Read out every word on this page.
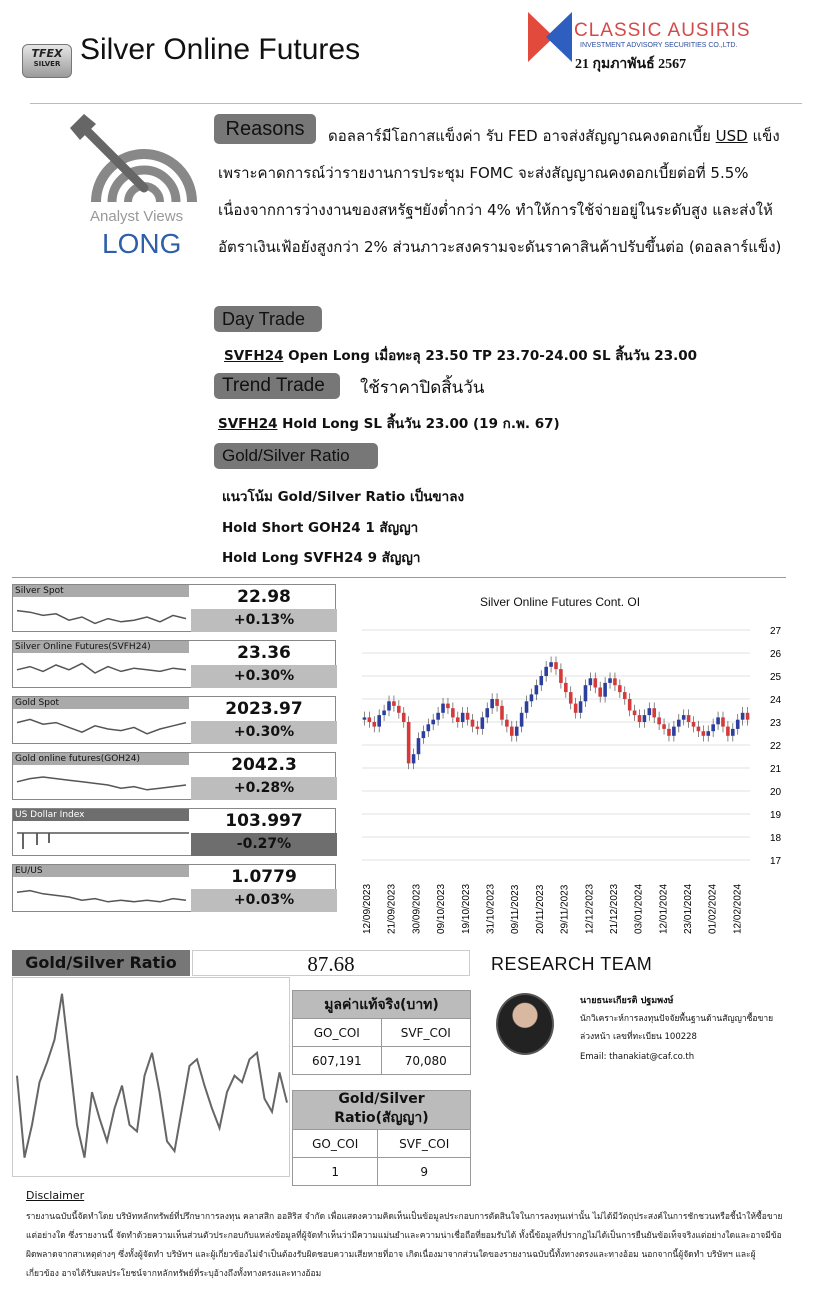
TFEX
SILVER Silver Online Futures
CLASSIC AUSIRIS
INVESTMENT ADVISORY SECURITIES CO.,LTD.
21 กุมภาพันธ์ 2567
Analyst Views
LONG
Reasons	ดอลลาร์มีโอกาสแข็งค่า รับ FED อาจส่งสัญญาณคงดอกเบี้ย USD แข็ง เพราะคาดการณ์ว่ารายงานการประชุม FOMC จะส่งสัญญาณคงดอกเบี้ยต่อที่ 5.5% เนื่องจากการว่างงานของสหรัฐฯยังต่ำกว่า 4% ทำให้การใช้จ่ายอยู่ในระดับสูง และส่งให้อัตราเงินเฟ้อยังสูงกว่า 2% ส่วนภาวะสงครามจะดันราคาสินค้าปรับขึ้นต่อ (ดอลลาร์แข็ง)
Day Trade
SVFH24 Open Long เมื่อทะลุ 23.50 TP 23.70-24.00 SL สิ้นวัน 23.00
Trend Trade	ใช้ราคาปิดสิ้นวัน
SVFH24 Hold Long SL สิ้นวัน 23.00 (19 ก.พ. 67)
Gold/Silver Ratio
แนวโน้ม Gold/Silver Ratio เป็นขาลง
Hold Short GOH24 1 สัญญา
Hold Long SVFH24 9 สัญญา
Silver Spot	22.98
+0.13%
Silver Online Futures(SVFH24)	23.36
+0.30%
Gold Spot	2023.97
+0.30%
Gold online futures(GOH24)	2042.3
+0.28%
US Dollar Index	103.997
-0.27%
EU/US	1.0779
+0.03%
Silver Online Futures Cont. OI
27
26
25
24
23
22
21
20
19
18
17
12/09/2023 21/09/2023 30/09/2023 09/10/2023 19/10/2023 31/10/2023 09/11/2023 20/11/2023 29/11/2023 12/12/2023 21/12/2023 03/01/2024 12/01/2024 23/01/2024 01/02/2024 12/02/2024
Gold/Silver Ratio	87.68
มูลค่าแท้จริง(บาท)	
GO_COI	SVF_COI
607,191	70,080
Gold/Silver Ratio(สัญญา)	
GO_COI	SVF_COI
1	9
RESEARCH TEAM
นายธนะเกียรติ ปฐมพงษ์
นักวิเคราะห์การลงทุนปัจจัยพื้นฐานด้านสัญญาซื้อขายล่วงหน้า เลขที่ทะเบียน 100228
Email: thanakiat@caf.co.th
Disclaimer
รายงานฉบับนี้จัดทำโดย บริษัทหลักทรัพย์ที่ปรึกษาการลงทุน คลาสสิก ออสิริส จำกัด เพื่อแสดงความคิดเห็นเป็นข้อมูลประกอบการตัดสินใจในการลงทุนเท่านั้น ไม่ได้มีวัตถุประสงค์ในการชักชวนหรือชี้นำให้ซื้อขายแต่อย่างใด ซึ่งรายงานนี้ จัดทำด้วยความเห็นส่วนตัวประกอบกับแหล่งข้อมูลที่ผู้จัดทำเห็นว่ามีความแม่นยำและความน่าเชื่อถือที่ยอมรับได้ ทั้งนี้ข้อมูลที่ปรากฏไม่ได้เป็นการยืนยันข้อเท็จจริงแต่อย่างใดและอาจมีข้อผิดพลาดจากสาเหตุต่างๆ ซึ่งทั้งผู้จัดทำ บริษัทฯ และผู้เกี่ยวข้องไม่จำเป็นต้องรับผิดชอบความเสียหายที่อาจ เกิดเนื่องมาจากส่วนใดของรายงานฉบับนี้ทั้งทางตรงและทางอ้อม นอกจากนี้ผู้จัดทำ บริษัทฯ และผู้เกี่ยวข้อง อาจได้รับผลประโยชน์จากหลักทรัพย์ที่ระบุอ้างถึงทั้งทางตรงและทางอ้อม
